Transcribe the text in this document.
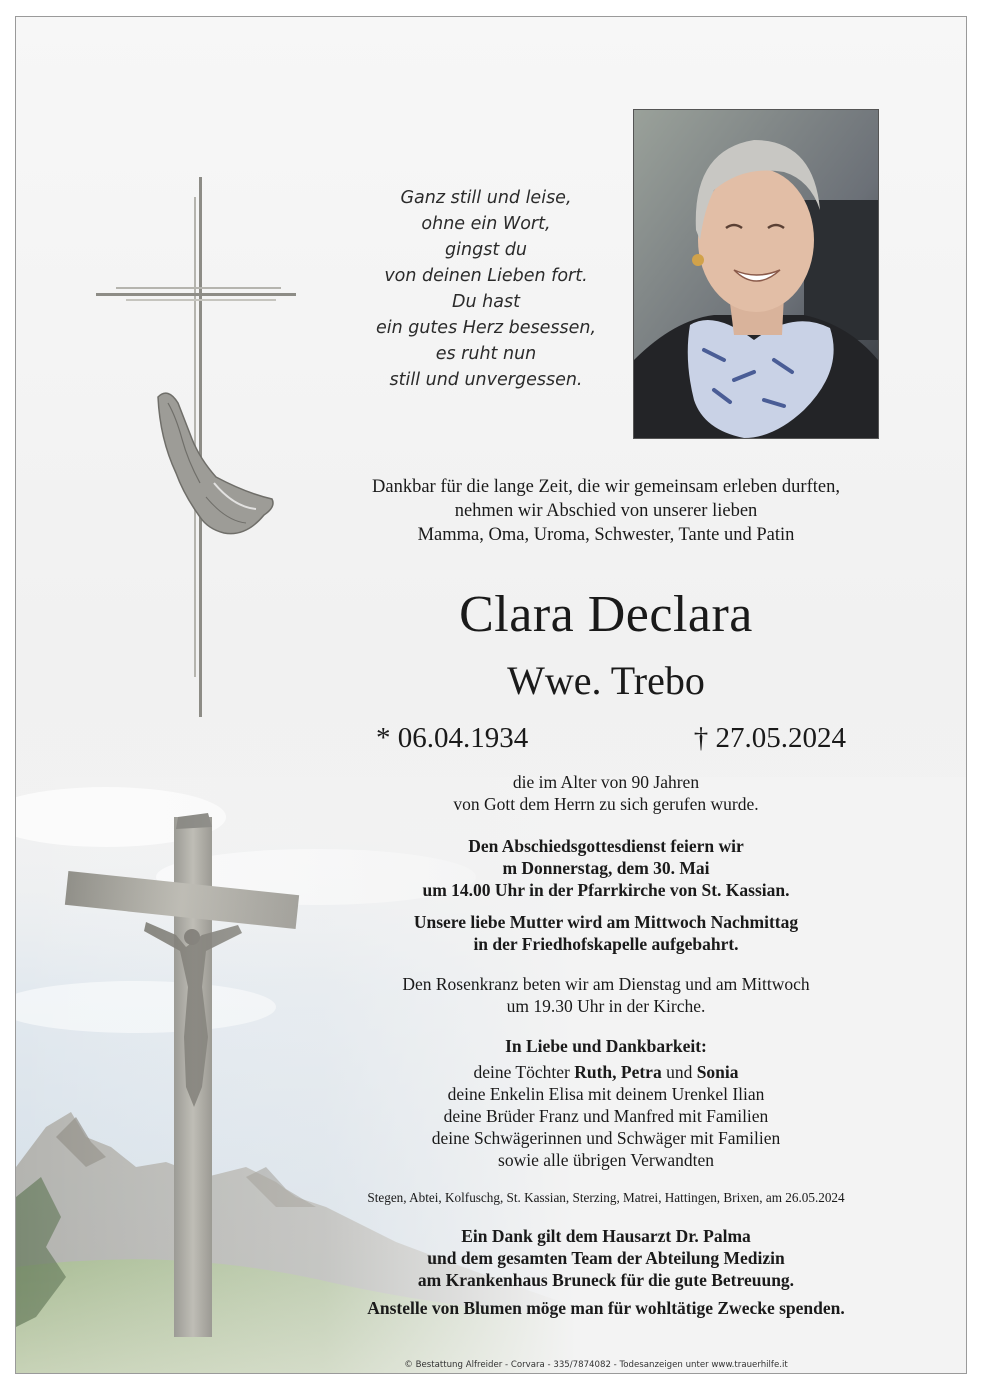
Ganz still und leise,
ohne ein Wort,
gingst du
von deinen Lieben fort.
Du hast
ein gutes Herz besessen,
es ruht nun
still und unvergessen.
Dankbar für die lange Zeit, die wir gemeinsam erleben durften,
nehmen wir Abschied von unserer lieben
Mamma, Oma, Uroma, Schwester, Tante und Patin
Clara Declara
Wwe. Trebo
* 06.04.1934	† 27.05.2024
die im Alter von 90 Jahren
von Gott dem Herrn zu sich gerufen wurde.
Den Abschiedsgottesdienst feiern wir
m Donnerstag, dem 30. Mai
um 14.00 Uhr in der Pfarrkirche von St. Kassian.
Unsere liebe Mutter wird am Mittwoch Nachmittag
in der Friedhofskapelle aufgebahrt.
Den Rosenkranz beten wir am Dienstag und am Mittwoch
um 19.30 Uhr in der Kirche.
In Liebe und Dankbarkeit:
deine Töchter Ruth, Petra und Sonia
deine Enkelin Elisa mit deinem Urenkel Ilian
deine Brüder Franz und Manfred mit Familien
deine Schwägerinnen und Schwäger mit Familien
sowie alle übrigen Verwandten
Stegen, Abtei, Kolfuschg, St. Kassian, Sterzing, Matrei, Hattingen, Brixen, am 26.05.2024
Ein Dank gilt dem Hausarzt Dr. Palma
und dem gesamten Team der Abteilung Medizin
am Krankenhaus Bruneck für die gute Betreuung.
Anstelle von Blumen möge man für wohltätige Zwecke spenden.
© Bestattung Alfreider - Corvara - 335/7874082 - Todesanzeigen unter www.trauerhilfe.it
